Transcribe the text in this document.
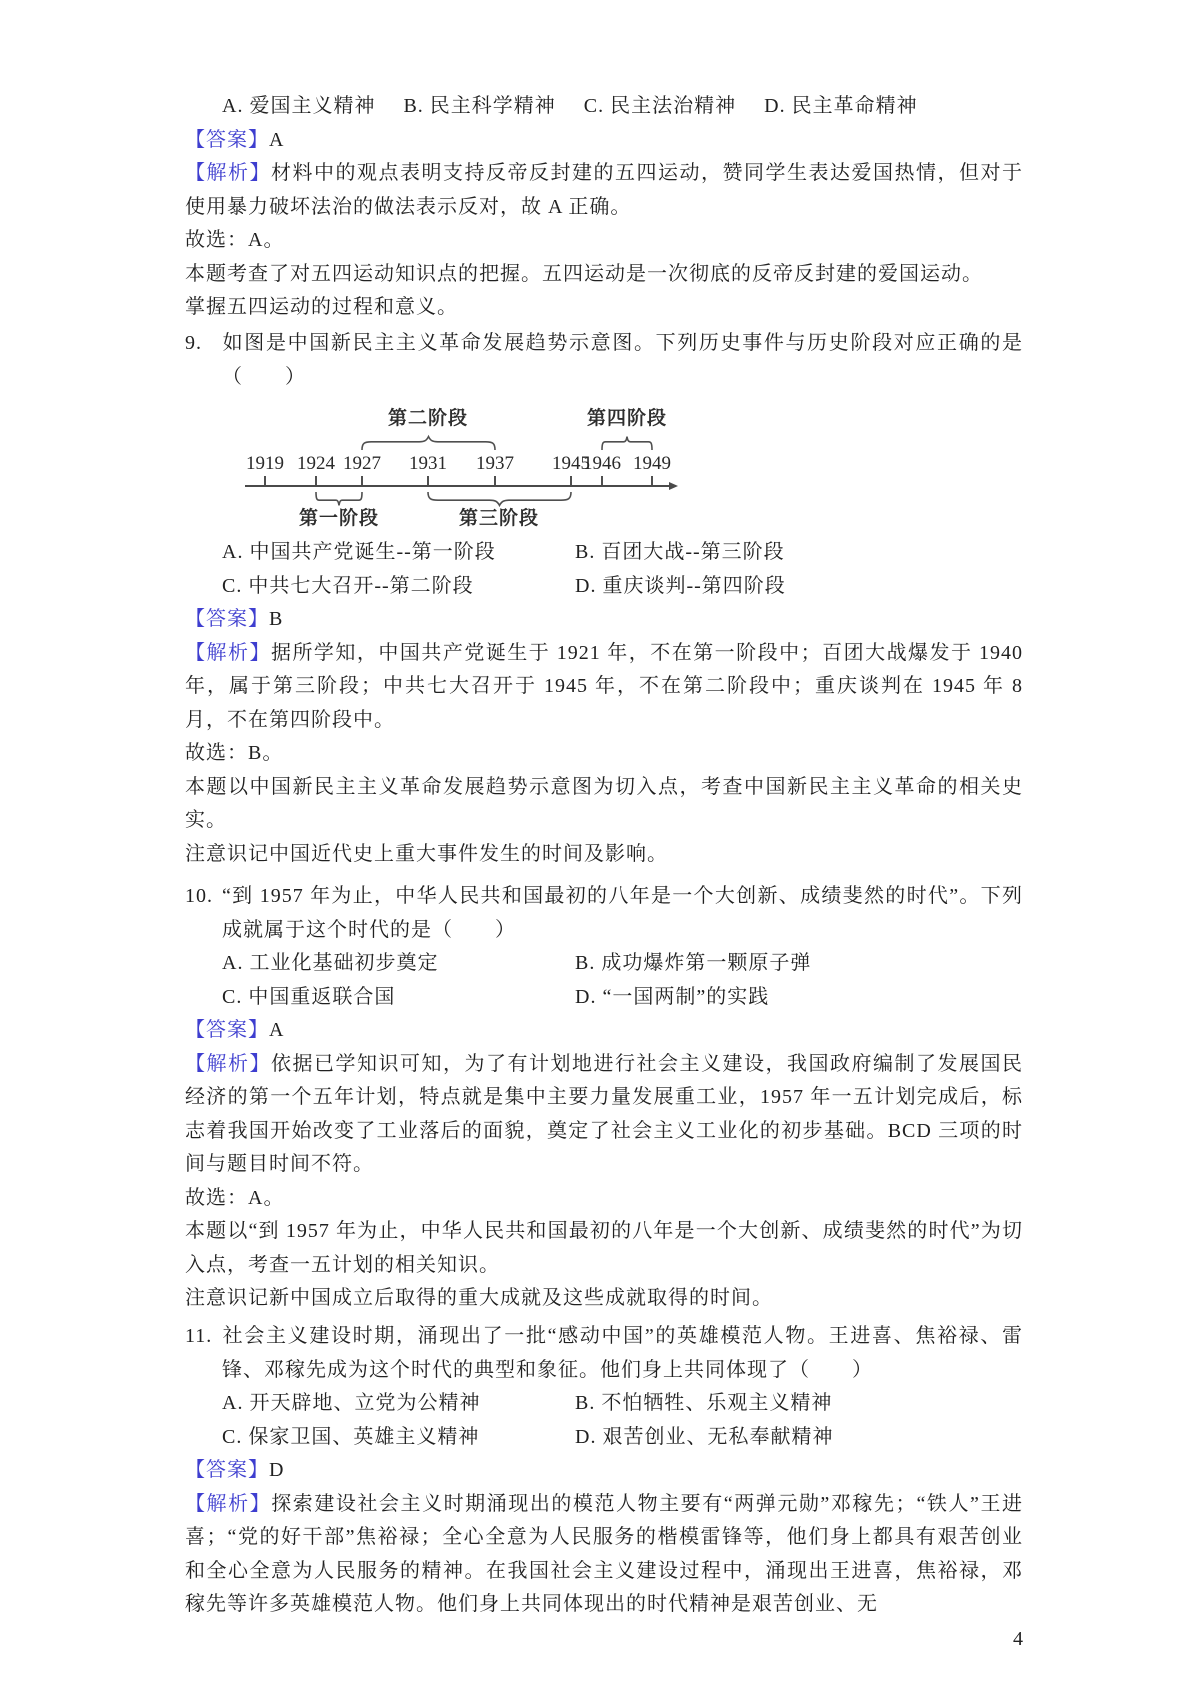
A. 爱国主义精神 B. 民主科学精神 C. 民主法治精神 D. 民主革命精神

【答案】A

【解析】材料中的观点表明支持反帝反封建的五四运动，赞同学生表达爱国热情，但对于使用暴力破坏法治的做法表示反对，故 A 正确。

故选：A。

本题考查了对五四运动知识点的把握。五四运动是一次彻底的反帝反封建的爱国运动。

掌握五四运动的过程和意义。

9. 如图是中国新民主主义革命发展趋势示意图。下列历史事件与历史阶段对应正确的是（　　）

第二阶段	第四阶段
1919 1924 1927 1931 1937 1945
1946 1949
第一阶段	第三阶段
A. 中国共产党诞生--第一阶段	B. 百团大战--第三阶段
C. 中共七大召开--第二阶段	D. 重庆谈判--第四阶段

【答案】B

【解析】据所学知，中国共产党诞生于 1921 年，不在第一阶段中；百团大战爆发于 1940 年，属于第三阶段；中共七大召开于 1945 年，不在第二阶段中；重庆谈判在 1945 年 8 月，不在第四阶段中。

故选：B。

本题以中国新民主主义革命发展趋势示意图为切入点，考查中国新民主主义革命的相关史实。

注意识记中国近代史上重大事件发生的时间及影响。

10. “到 1957 年为止，中华人民共和国最初的八年是一个大创新、成绩斐然的时代”。下列成就属于这个时代的是（　　）

A. 工业化基础初步奠定	B. 成功爆炸第一颗原子弹
C. 中国重返联合国	D. “一国两制”的实践

【答案】A

【解析】依据已学知识可知，为了有计划地进行社会主义建设，我国政府编制了发展国民经济的第一个五年计划，特点就是集中主要力量发展重工业，1957 年一五计划完成后，标志着我国开始改变了工业落后的面貌，奠定了社会主义工业化的初步基础。BCD 三项的时间与题目时间不符。

故选：A。

本题以“到 1957 年为止，中华人民共和国最初的八年是一个大创新、成绩斐然的时代”为切入点，考查一五计划的相关知识。

注意识记新中国成立后取得的重大成就及这些成就取得的时间。

11. 社会主义建设时期，涌现出了一批“感动中国”的英雄模范人物。王进喜、焦裕禄、雷锋、邓稼先成为这个时代的典型和象征。他们身上共同体现了（　　）

A. 开天辟地、立党为公精神	B. 不怕牺牲、乐观主义精神
C. 保家卫国、英雄主义精神	D. 艰苦创业、无私奉献精神

【答案】D

【解析】探索建设社会主义时期涌现出的模范人物主要有“两弹元勋”邓稼先；“铁人”王进喜；“党的好干部”焦裕禄；全心全意为人民服务的楷模雷锋等，他们身上都具有艰苦创业和全心全意为人民服务的精神。在我国社会主义建设过程中，涌现出王进喜，焦裕禄，邓稼先等许多英雄模范人物。他们身上共同体现出的时代精神是艰苦创业、无

4
